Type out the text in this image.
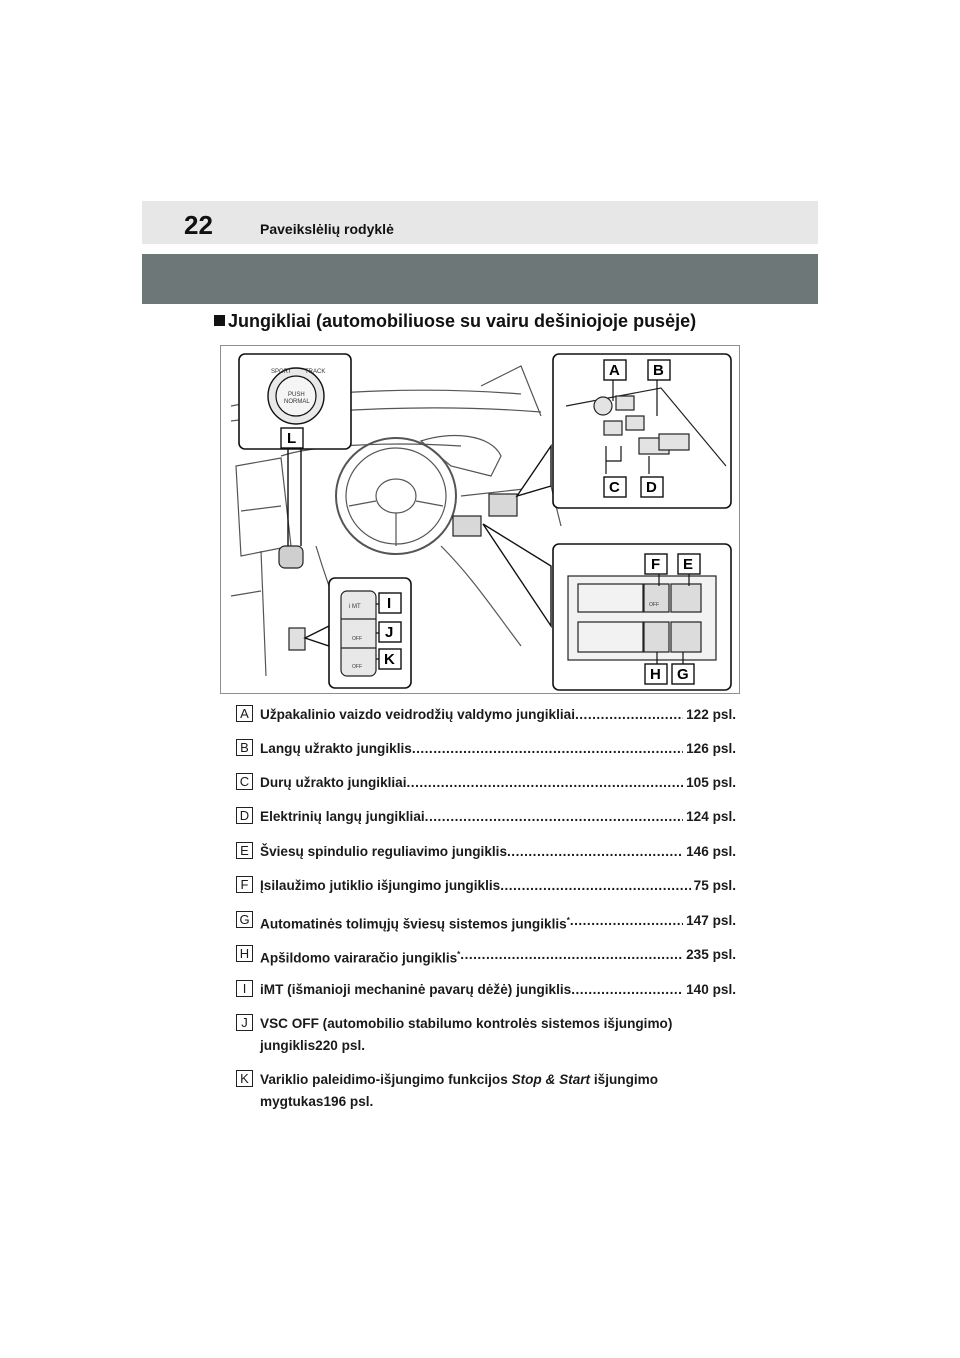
22	Paveikslėlių rodyklė
Jungikliai (automobiliuose su vairu dešiniojoje pusėje)
SPORT TRACK
PUSH
NORMAL
OFF
i MT
OFF
OFF
A B
C D
E
F
G
H
I
J
K
L
A Užpakalinio vaizdo veidrodžių valdymo jungikliai .....	122 psl.
B Langų užrakto jungiklis .....	126 psl.
C Durų užrakto jungikliai .....	105 psl.
D Elektrinių langų jungikliai .....	124 psl.
E Šviesų spindulio reguliavimo jungiklis .....	146 psl.
F Įsilaužimo jutiklio išjungimo jungiklis .....	75 psl.
G Automatinės tolimųjų šviesų sistemos jungiklis* .....	147 psl.
H Apšildomo vairaračio jungiklis* .....	235 psl.
I	iMT (išmanioji mechaninė pavarų dėžė) jungiklis .....	140 psl.
J VSC OFF (automobilio stabilumo kontrolės sistemos išjungimo)
jungiklis220 psl.
K Variklio paleidimo-išjungimo funkcijos Stop & Start išjungimo
mygtukas196 psl.
